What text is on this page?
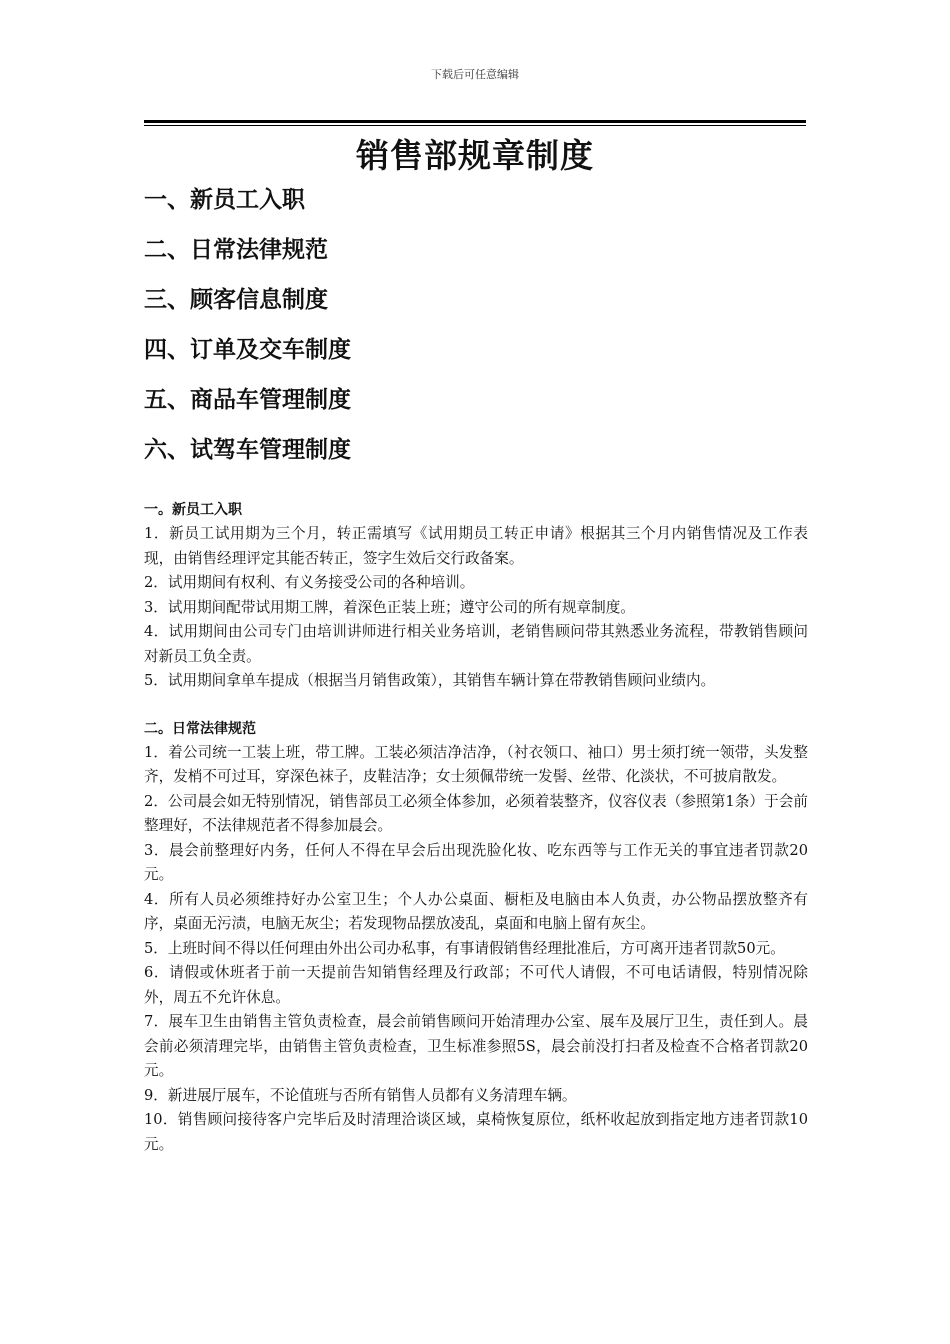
下载后可任意编辑
销售部规章制度
一、新员工入职
二、日常法律规范
三、顾客信息制度
四、订单及交车制度
五、商品车管理制度
六、试驾车管理制度

一。新员工入职

1．新员工试用期为三个月，转正需填写《试用期员工转正申请》根据其三个月内销售情况及工作表现，由销售经理评定其能否转正，签字生效后交行政备案。

2．试用期间有权利、有义务接受公司的各种培训。

3．试用期间配带试用期工牌，着深色正装上班；遵守公司的所有规章制度。

4．试用期间由公司专门由培训讲师进行相关业务培训，老销售顾问带其熟悉业务流程，带教销售顾问对新员工负全责。

5．试用期间拿单车提成（根据当月销售政策），其销售车辆计算在带教销售顾问业绩内。

二。日常法律规范

1．着公司统一工装上班，带工牌。工装必须洁净洁净，（衬衣领口、袖口）男士须打统一领带，头发整齐，发梢不可过耳，穿深色袜子，皮鞋洁净；女士须佩带统一发髻、丝带、化淡状，不可披肩散发。

2．公司晨会如无特别情况，销售部员工必须全体参加，必须着装整齐，仪容仪表（参照第1条）于会前整理好，不法律规范者不得参加晨会。

3．晨会前整理好内务，任何人不得在早会后出现洗脸化妆、吃东西等与工作无关的事宜违者罚款20元。

4．所有人员必须维持好办公室卫生；个人办公桌面、橱柜及电脑由本人负责，办公物品摆放整齐有序，桌面无污渍，电脑无灰尘；若发现物品摆放凌乱，桌面和电脑上留有灰尘。

5．上班时间不得以任何理由外出公司办私事，有事请假销售经理批准后，方可离开违者罚款50元。

6．请假或休班者于前一天提前告知销售经理及行政部；不可代人请假，不可电话请假，特别情况除外，周五不允许休息。

7．展车卫生由销售主管负责检查，晨会前销售顾问开始清理办公室、展车及展厅卫生，责任到人。晨会前必须清理完毕，由销售主管负责检查，卫生标准参照5S，晨会前没打扫者及检查不合格者罚款20元。

9．新进展厅展车，不论值班与否所有销售人员都有义务清理车辆。

10．销售顾问接待客户完毕后及时清理洽谈区域，桌椅恢复原位，纸杯收起放到指定地方违者罚款10元。
